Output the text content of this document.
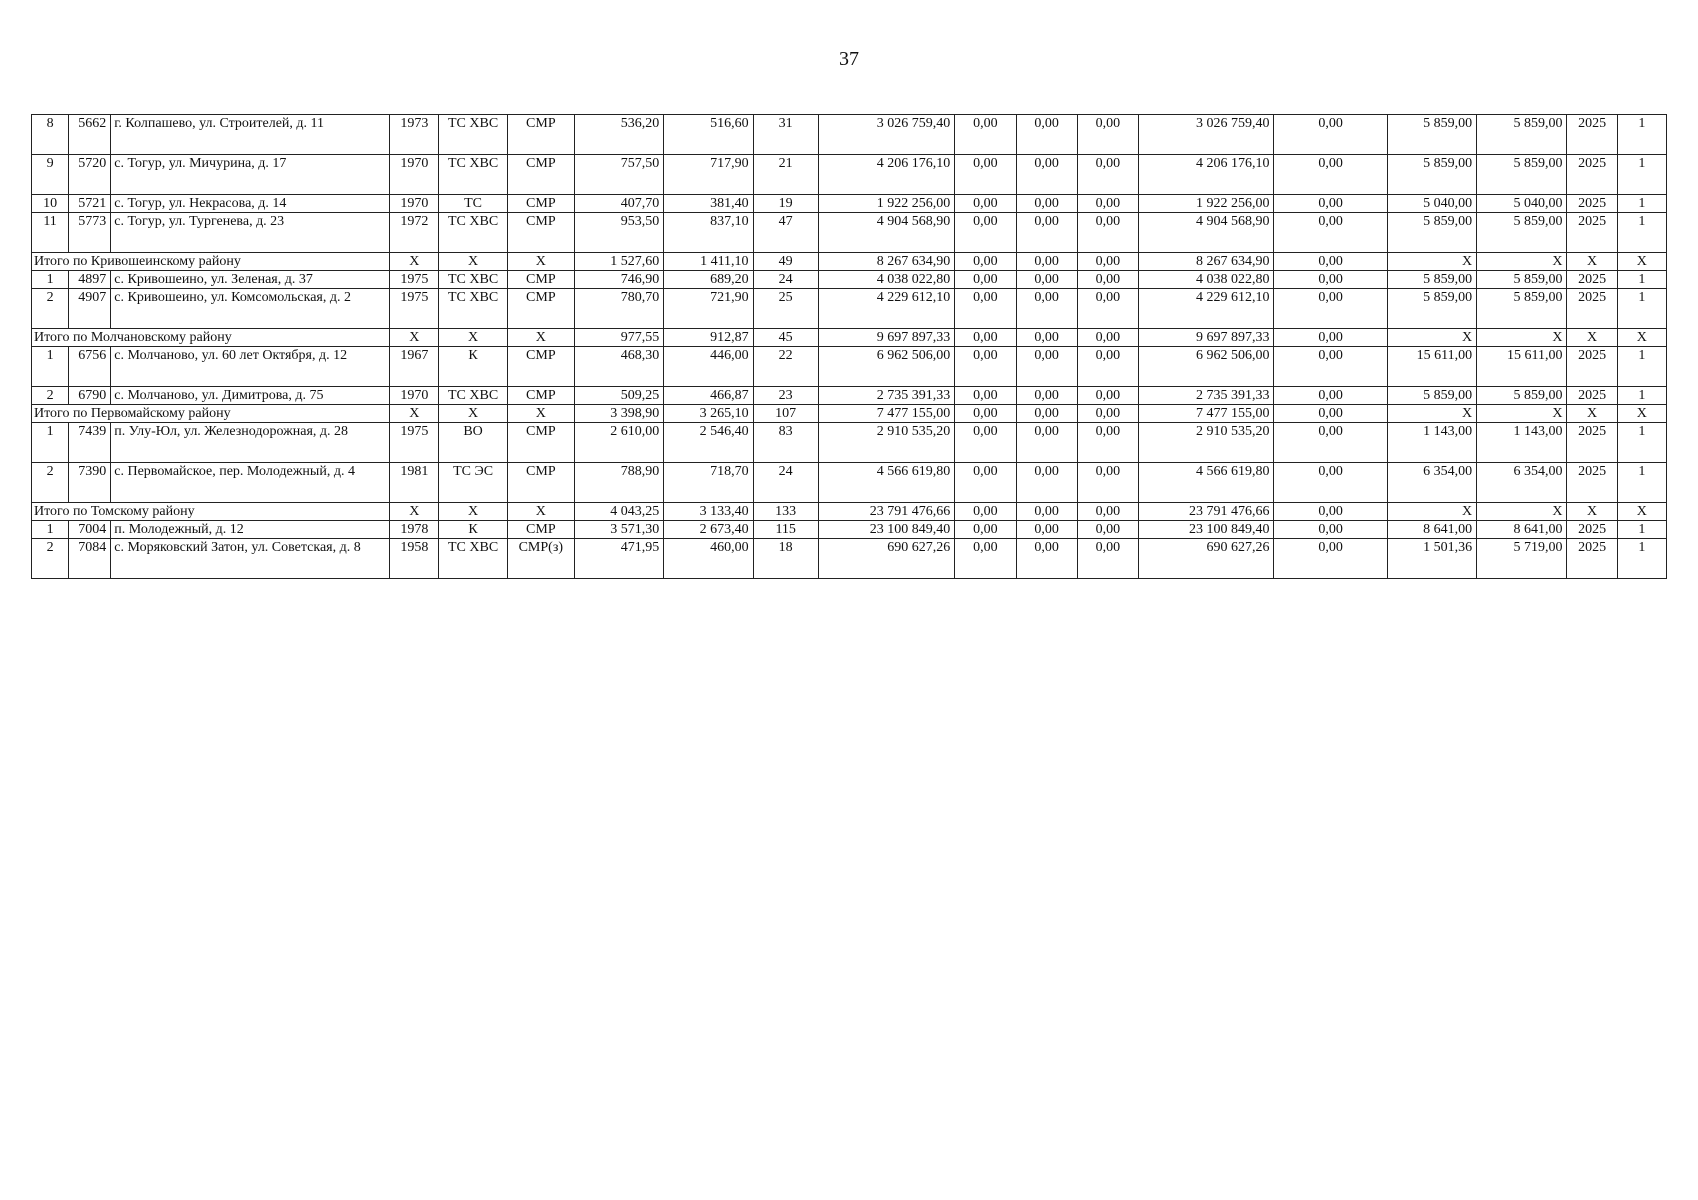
37
8	5662	г. Колпашево, ул. Строителей, д. 11	1973	ТС ХВС	СМР	536,20	516,60	31	3 026 759,40	0,00	0,00	0,00	3 026 759,40	0,00	5 859,00	5 859,00	2025	1
9	5720	с. Тогур, ул. Мичурина, д. 17	1970	ТС ХВС	СМР	757,50	717,90	21	4 206 176,10	0,00	0,00	0,00	4 206 176,10	0,00	5 859,00	5 859,00	2025	1
10	5721	с. Тогур, ул. Некрасова, д. 14	1970	ТС	СМР	407,70	381,40	19	1 922 256,00	0,00	0,00	0,00	1 922 256,00	0,00	5 040,00	5 040,00	2025	1
11	5773	с. Тогур, ул. Тургенева, д. 23	1972	ТС ХВС	СМР	953,50	837,10	47	4 904 568,90	0,00	0,00	0,00	4 904 568,90	0,00	5 859,00	5 859,00	2025	1
Итого по Кривошеинскому району			X	X	X	1 527,60	1 411,10	49	8 267 634,90	0,00	0,00	0,00	8 267 634,90	0,00	X	X	X	X
1	4897	с. Кривошеино, ул. Зеленая, д. 37	1975	ТС ХВС	СМР	746,90	689,20	24	4 038 022,80	0,00	0,00	0,00	4 038 022,80	0,00	5 859,00	5 859,00	2025	1
2	4907	с. Кривошеино, ул. Комсомольская, д. 2	1975	ТС ХВС	СМР	780,70	721,90	25	4 229 612,10	0,00	0,00	0,00	4 229 612,10	0,00	5 859,00	5 859,00	2025	1
Итого по Молчановскому району			X	X	X	977,55	912,87	45	9 697 897,33	0,00	0,00	0,00	9 697 897,33	0,00	X	X	X	X
1	6756	с. Молчаново, ул. 60 лет Октября, д. 12	1967	К	СМР	468,30	446,00	22	6 962 506,00	0,00	0,00	0,00	6 962 506,00	0,00	15 611,00	15 611,00	2025	1
2	6790	с. Молчаново, ул. Димитрова, д. 75	1970	ТС ХВС	СМР	509,25	466,87	23	2 735 391,33	0,00	0,00	0,00	2 735 391,33	0,00	5 859,00	5 859,00	2025	1
Итого по Первомайскому району			X	X	X	3 398,90	3 265,10	107	7 477 155,00	0,00	0,00	0,00	7 477 155,00	0,00	X	X	X	X
1	7439	п. Улу-Юл, ул. Железнодорожная, д. 28	1975	ВО	СМР	2 610,00	2 546,40	83	2 910 535,20	0,00	0,00	0,00	2 910 535,20	0,00	1 143,00	1 143,00	2025	1
2	7390	с. Первомайское, пер. Молодежный, д. 4	1981	ТС ЭС	СМР	788,90	718,70	24	4 566 619,80	0,00	0,00	0,00	4 566 619,80	0,00	6 354,00	6 354,00	2025	1
Итого по Томскому району			X	X	X	4 043,25	3 133,40	133	23 791 476,66	0,00	0,00	0,00	23 791 476,66	0,00	X	X	X	X
1	7004	п. Молодежный, д. 12	1978	К	СМР	3 571,30	2 673,40	115	23 100 849,40	0,00	0,00	0,00	23 100 849,40	0,00	8 641,00	8 641,00	2025	1
2	7084	с. Моряковский Затон, ул. Советская, д. 8	1958	ТС ХВС	СМР(з)	471,95	460,00	18	690 627,26	0,00	0,00	0,00	690 627,26	0,00	1 501,36	5 719,00	2025	1
